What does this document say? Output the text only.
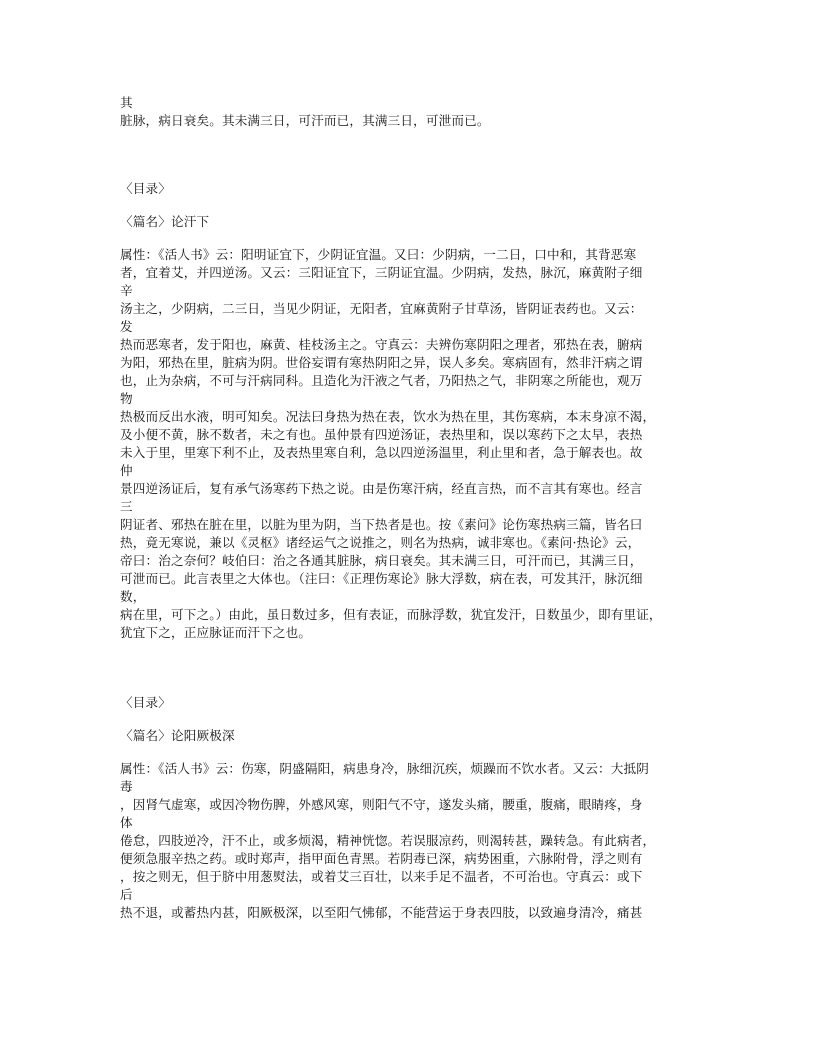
其
脏脉，病日衰矣。其未满三日，可汗而已，其满三日，可泄而已。
〈目录〉
〈篇名〉论汗下
属性：《活人书》云：阳明证宜下，少阴证宜温。又曰：少阴病，一二日，口中和，其背恶寒
者，宜着艾，并四逆汤。又云：三阳证宜下，三阴证宜温。少阴病，发热，脉沉，麻黄附子细
辛
汤主之，少阴病，二三日，当见少阴证，无阳者，宜麻黄附子甘草汤，皆阴证表药也。又云：
发
热而恶寒者，发于阳也，麻黄、桂枝汤主之。守真云：夫辨伤寒阴阳之理者，邪热在表，腑病
为阳，邪热在里，脏病为阴。世俗妄谓有寒热阴阳之异，误人多矣。寒病固有，然非汗病之谓
也，止为杂病，不可与汗病同科。且造化为汗液之气者，乃阳热之气，非阴寒之所能也，观万
物
热极而反出水液，明可知矣。况法曰身热为热在表，饮水为热在里，其伤寒病，本末身凉不渴，
及小便不黄，脉不数者，未之有也。虽仲景有四逆汤证，表热里和，误以寒药下之太早，表热
未入于里，里寒下利不止，及表热里寒自利，急以四逆汤温里，利止里和者，急于解表也。故
仲
景四逆汤证后，复有承气汤寒药下热之说。由是伤寒汗病，经直言热，而不言其有寒也。经言
三
阴证者、邪热在脏在里，以脏为里为阴，当下热者是也。按《素问》论伤寒热病三篇，皆名曰
热，竟无寒说，兼以《灵枢》诸经运气之说推之，则名为热病，诚非寒也。《素问·热论》云，
帝曰：治之奈何？岐伯曰：治之各通其脏脉，病日衰矣。其未满三日，可汗而已，其满三日，
可泄而已。此言表里之大体也。（注曰：《正理伤寒论》脉大浮数，病在表，可发其汗，脉沉细
数，
病在里，可下之。）由此，虽日数过多，但有表证，而脉浮数，犹宜发汗，日数虽少，即有里证，
犹宜下之，正应脉证而汗下之也。
〈目录〉
〈篇名〉论阳厥极深
属性：《活人书》云：伤寒，阴盛隔阳，病患身冷，脉细沉疾，烦躁而不饮水者。又云：大抵阴
毒
，因肾气虚寒，或因冷物伤脾，外感风寒，则阳气不守，遂发头痛，腰重，腹痛，眼睛疼，身
体
倦怠，四肢逆冷，汗不止，或多烦渴，精神恍惚。若误服凉药，则渴转甚，躁转急。有此病者，
便须急服辛热之药。或时郑声，指甲面色青黑。若阴毒已深，病势困重，六脉附骨，浮之则有
，按之则无，但于脐中用葱熨法，或着艾三百壮，以来手足不温者，不可治也。守真云：或下
后
热不退，或蓄热内甚，阳厥极深，以至阳气怫郁，不能营运于身表四肢，以致遍身清冷，痛甚
